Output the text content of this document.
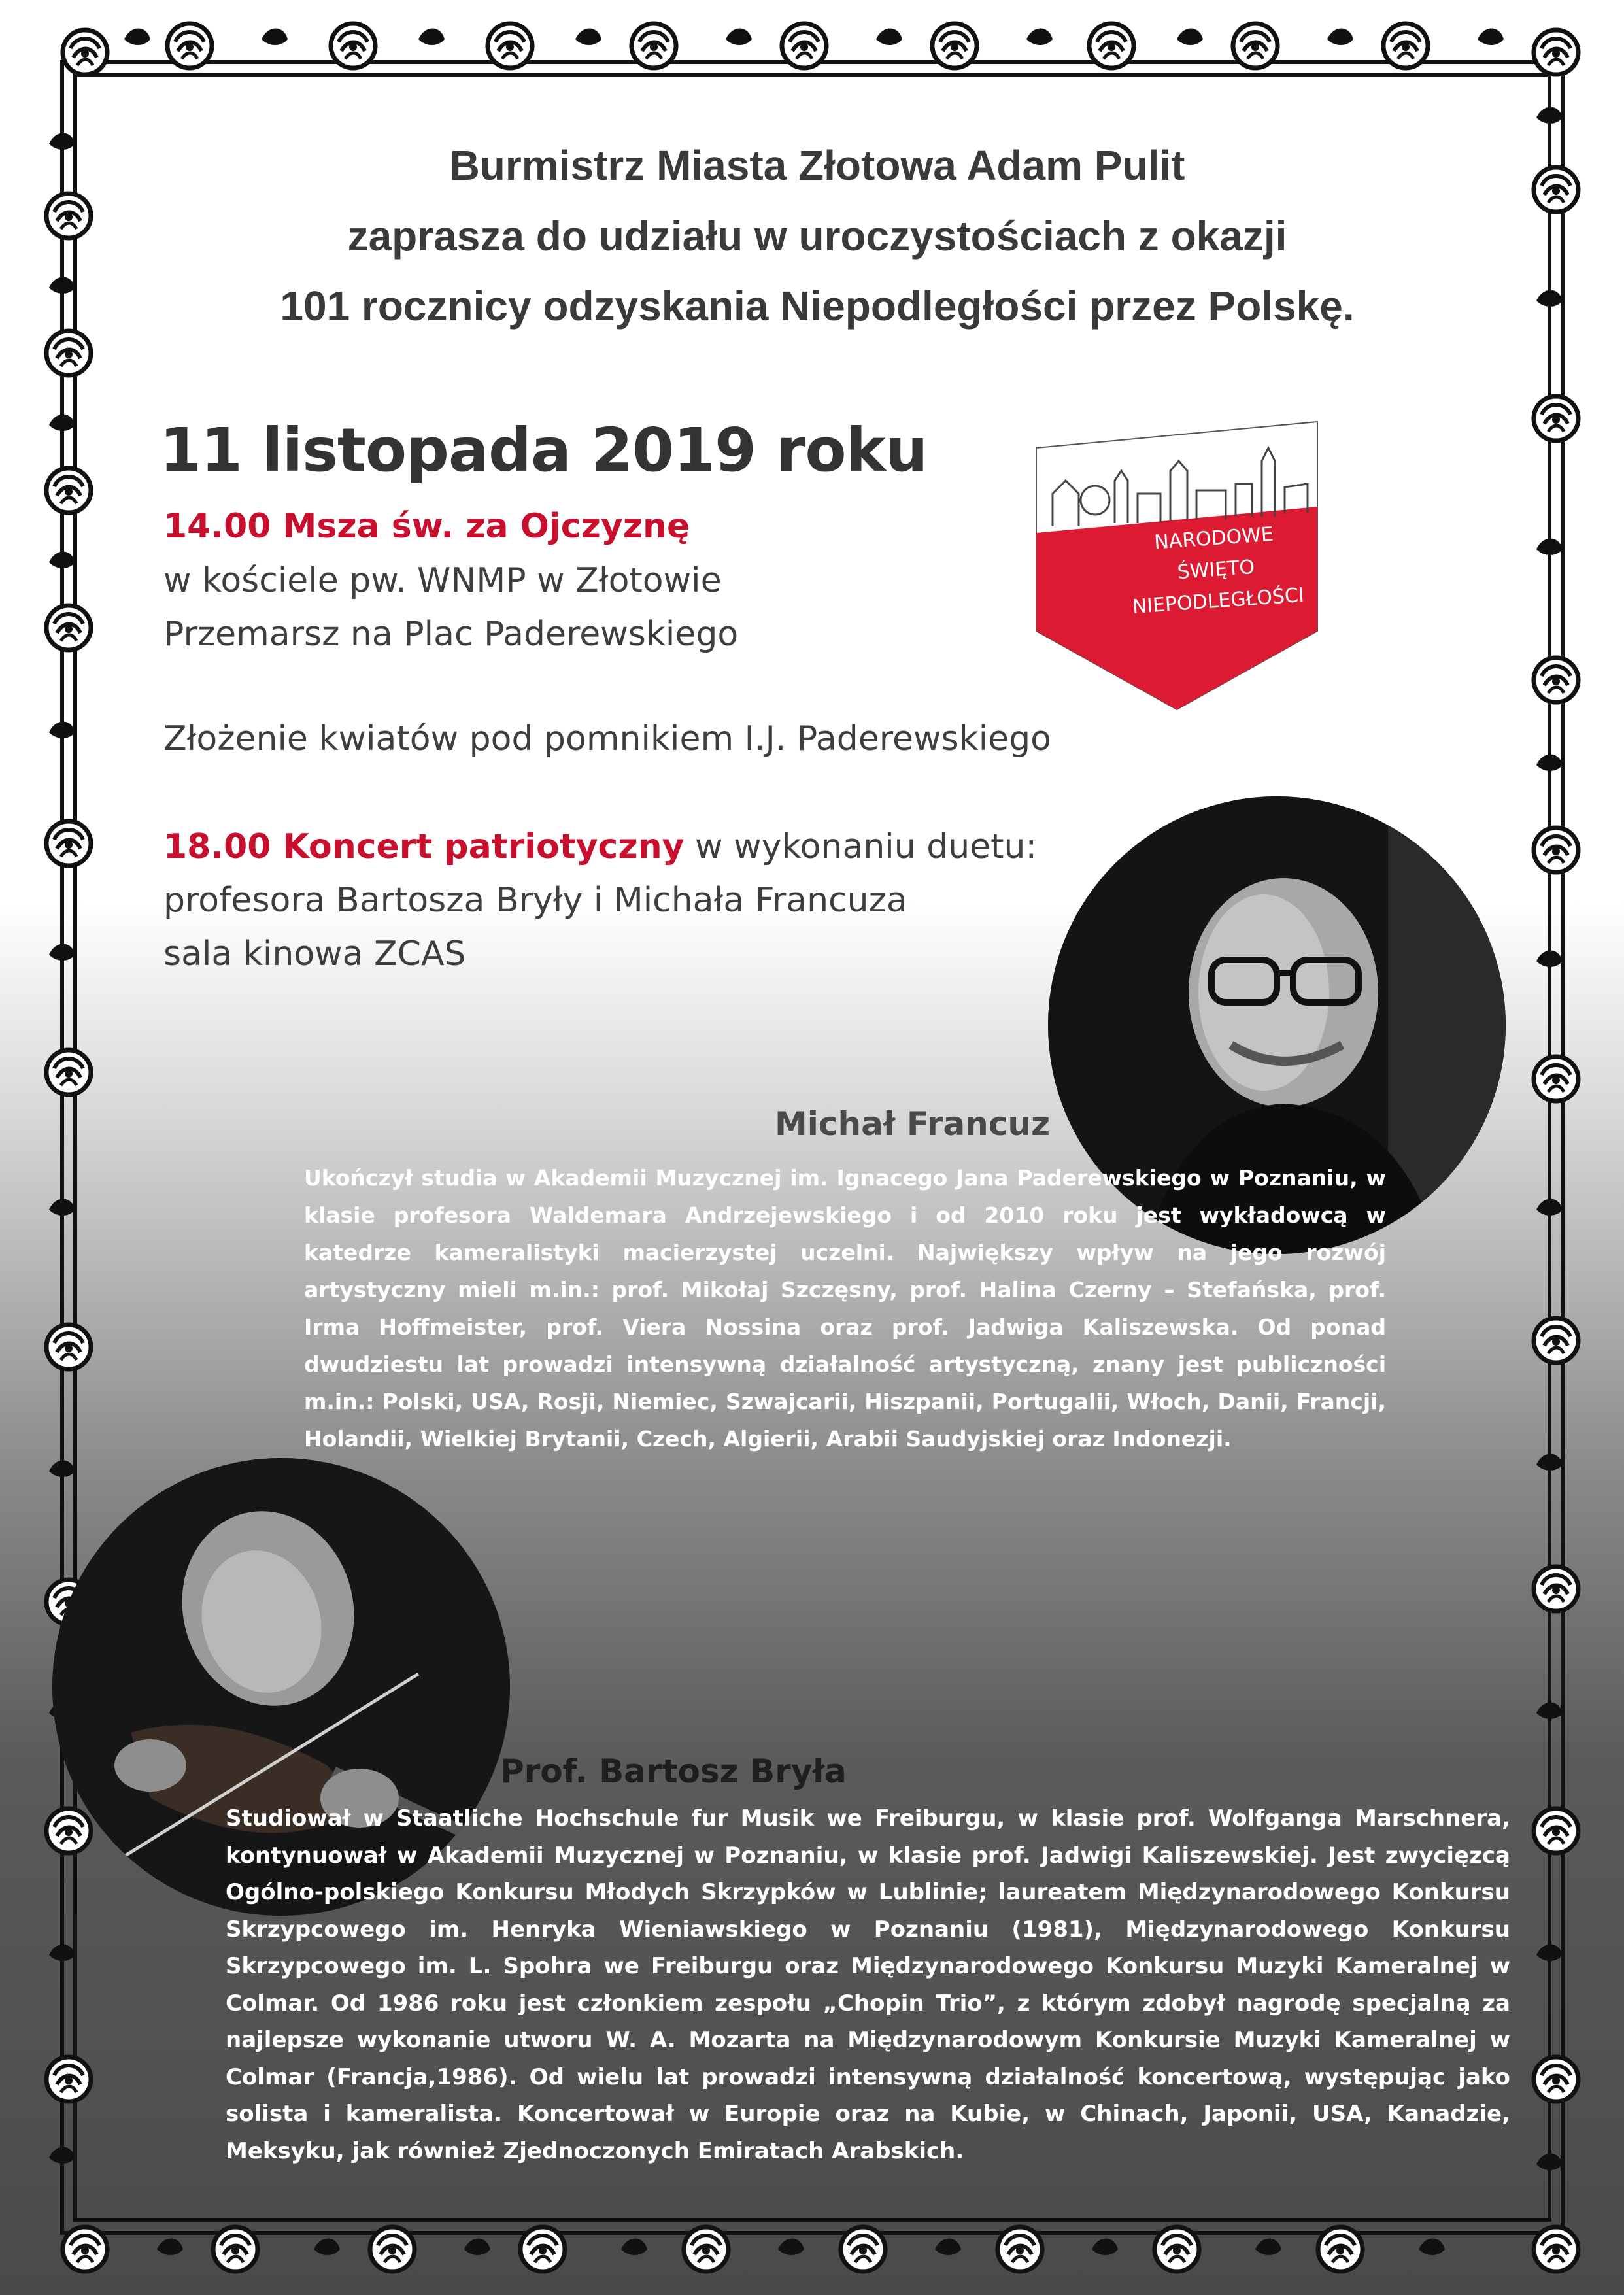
Burmistrz Miasta Złotowa Adam Pulit
zaprasza do udziału w uroczystościach z okazji
101 rocznicy odzyskania Niepodległości przez Polskę.
11 listopada 2019 roku
14.00 Msza św. za Ojczyznę
w kościele pw. WNMP w Złotowie
Przemarsz na Plac Paderewskiego
Złożenie kwiatów pod pomnikiem I.J. Paderewskiego
18.00 Koncert patriotyczny w wykonaniu duetu:
profesora Bartosza Bryły i Michała Francuza
sala kinowa ZCAS
NARODOWE
ŚWIĘTO
NIEPODLEGŁOŚCI
Michał Francuz
Ukończył studia w Akademii Muzycznej im. Ignacego Jana Paderewskiego w Poznaniu, w klasie profesora Waldemara Andrzejewskiego i od 2010 roku jest wykładowcą w katedrze kameralistyki macierzystej uczelni. Największy wpływ na jego rozwój artystyczny mieli m.in.: prof. Mikołaj Szczęsny, prof. Halina Czerny – Stefańska, prof. Irma Hoffmeister, prof. Viera Nossina oraz prof. Jadwiga Kaliszewska. Od ponad dwudziestu lat prowadzi intensywną działalność artystyczną, znany jest publiczności m.in.: Polski, USA, Rosji, Niemiec, Szwajcarii, Hiszpanii, Portugalii, Włoch, Danii, Francji, Holandii, Wielkiej Brytanii, Czech, Algierii, Arabii Saudyjskiej oraz Indonezji.
Prof. Bartosz Bryła
Studiował w Staatliche Hochschule fur Musik we Freiburgu, w klasie prof. Wolfganga Marschnera, kontynuował w Akademii Muzycznej w Poznaniu, w klasie prof. Jadwigi Kaliszewskiej. Jest zwycięzcą Ogólno-polskiego Konkursu Młodych Skrzypków w Lublinie; laureatem Międzynarodowego Konkursu Skrzypcowego im. Henryka Wieniawskiego w Poznaniu (1981), Międzynarodowego Konkursu Skrzypcowego im. L. Spohra we Freiburgu oraz Międzynarodowego Konkursu Muzyki Kameralnej w Colmar. Od 1986 roku jest członkiem zespołu „Chopin Trio”, z którym zdobył nagrodę specjalną za najlepsze wykonanie utworu W. A. Mozarta na Międzynarodowym Konkursie Muzyki Kameralnej w Colmar (Francja,1986). Od wielu lat prowadzi intensywną działalność koncertową, występując jako solista i kameralista. Koncertował w Europie oraz na Kubie, w Chinach, Japonii, USA, Kanadzie, Meksyku, jak również Zjednoczonych Emiratach Arabskich.
